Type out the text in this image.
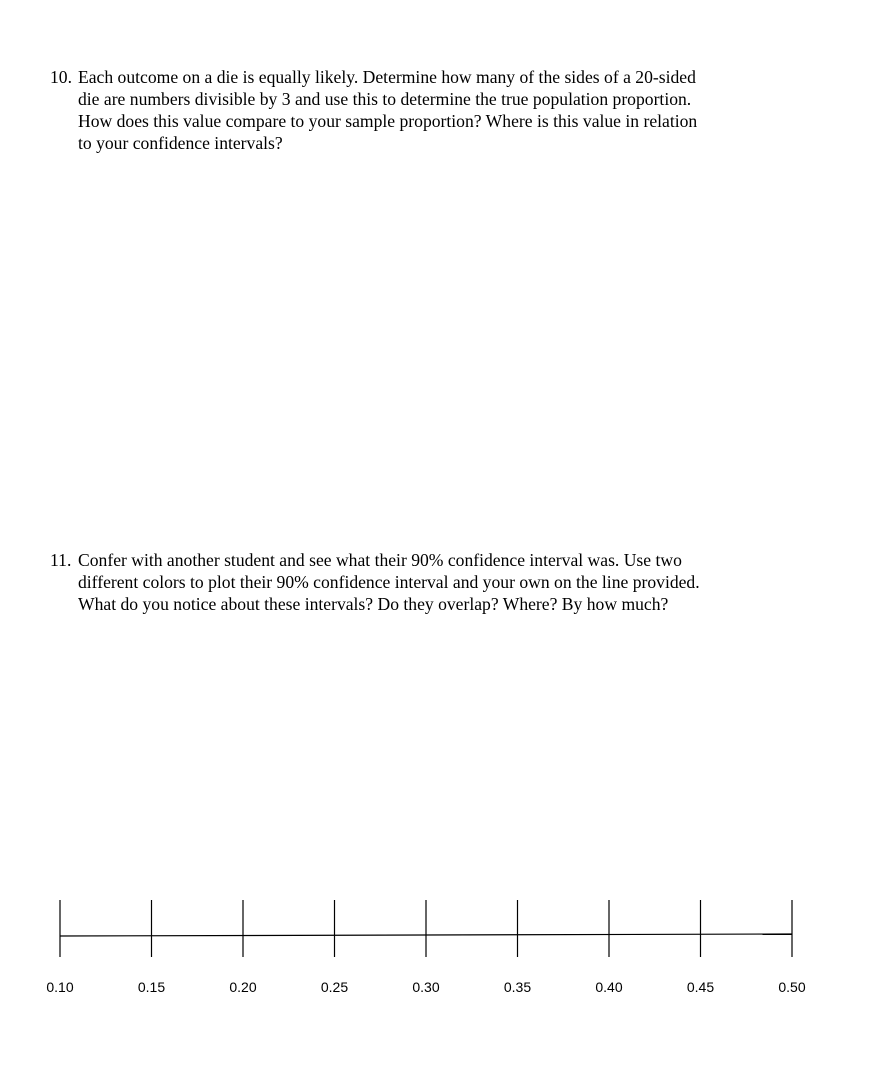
10. Each outcome on a die is equally likely. Determine how many of the sides of a 20-sided
die are numbers divisible by 3 and use this to determine the true population proportion.
How does this value compare to your sample proportion? Where is this value in relation
to your confidence intervals?
11. Confer with another student and see what their 90% confidence interval was. Use two
different colors to plot their 90% confidence interval and your own on the line provided.
What do you notice about these intervals? Do they overlap? Where? By how much?
0.10	0.15	0.20	0.25	0.30	0.35	0.40	0.45	0.50
